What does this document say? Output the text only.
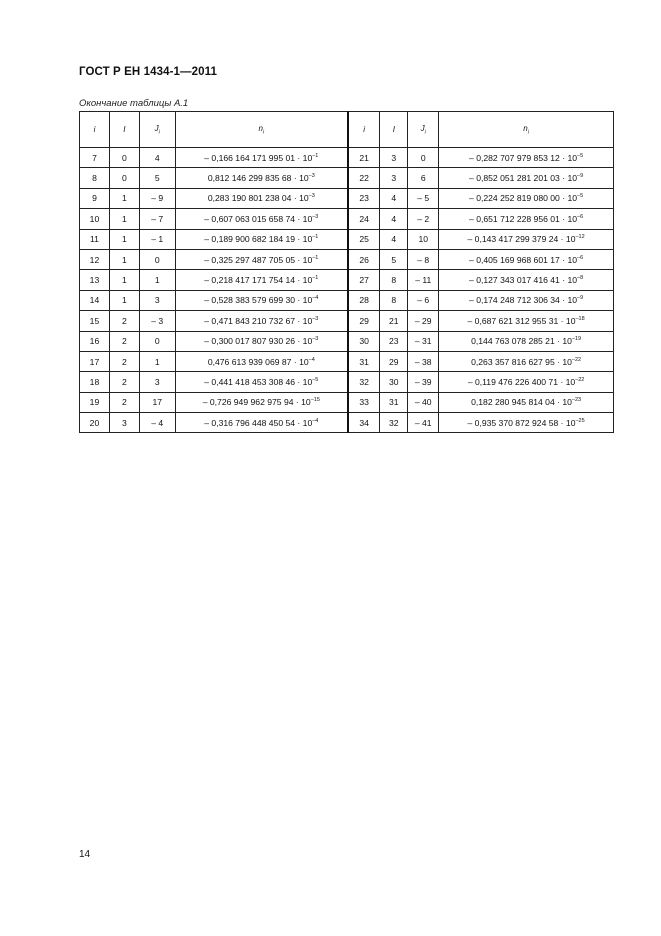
ГОСТ Р ЕН 1434-1—2011
Окончание таблицы А.1
i	I	$J_i$	$n_i$	i	I	$J_i$	$n_i$
7	0	4	– 0,166 164 171 995 $01 \cdot 10^{-1}$	21	3	0	– 0,282 707 979 853 $12 \cdot 10^{-5}$
8	0	5	0,812 146 299 835 $68 \cdot 10^{-3}$	22	3	6	– 0,852 051 281 201 $03 \cdot 10^{-9}$
9	1	– 9	0,283 190 801 238 $04 \cdot 10^{-3}$	23	4	– 5	– 0,224 252 819 080 $00 \cdot 10^{-5}$
10	1	– 7	– 0,607 063 015 658 $74 \cdot 10^{-3}$	24	4	– 2	– 0,651 712 228 956 $01 \cdot 10^{-6}$
11	1	– 1	– 0,189 900 682 184 $19 \cdot 10^{-1}$	25	4	10	– 0,143 417 299 379 $24 \cdot 10^{-12}$
12	1	0	– 0,325 297 487 705 $05 \cdot 10^{-1}$	26	5	– 8	– 0,405 169 968 601 $17 \cdot 10^{-6}$
13	1	1	– 0,218 417 171 754 $14 \cdot 10^{-1}$	27	8	– 11	– 0,127 343 017 416 $41 \cdot 10^{-8}$
14	1	3	– 0,528 383 579 699 $30 \cdot 10^{-4}$	28	8	– 6	– 0,174 248 712 306 $34 \cdot 10^{-9}$
15	2	– 3	– 0,471 843 210 732 $67 \cdot 10^{-3}$	29	21	– 29	– 0,687 621 312 955 $31 \cdot 10^{-18}$
16	2	0	– 0,300 017 807 930 $26 \cdot 10^{-3}$	30	23	– 31	0,144 763 078 285 $21 \cdot 10^{-19}$
17	2	1	0,476 613 939 069 $87 \cdot 10^{-4}$	31	29	– 38	0,263 357 816 627 $95 \cdot 10^{-22}$
18	2	3	– 0,441 418 453 308 $46 \cdot 10^{-5}$	32	30	– 39	– 0,119 476 226 400 $71 \cdot 10^{-22}$
19	2	17	– 0,726 949 962 975 $94 \cdot 10^{-15}$	33	31	– 40	0,182 280 945 814 $04 \cdot 10^{-23}$
20	3	– 4	– 0,316 796 448 450 $54 \cdot 10^{-4}$	34	32	– 41	– 0,935 370 872 924 $58 \cdot 10^{-25}$
14
